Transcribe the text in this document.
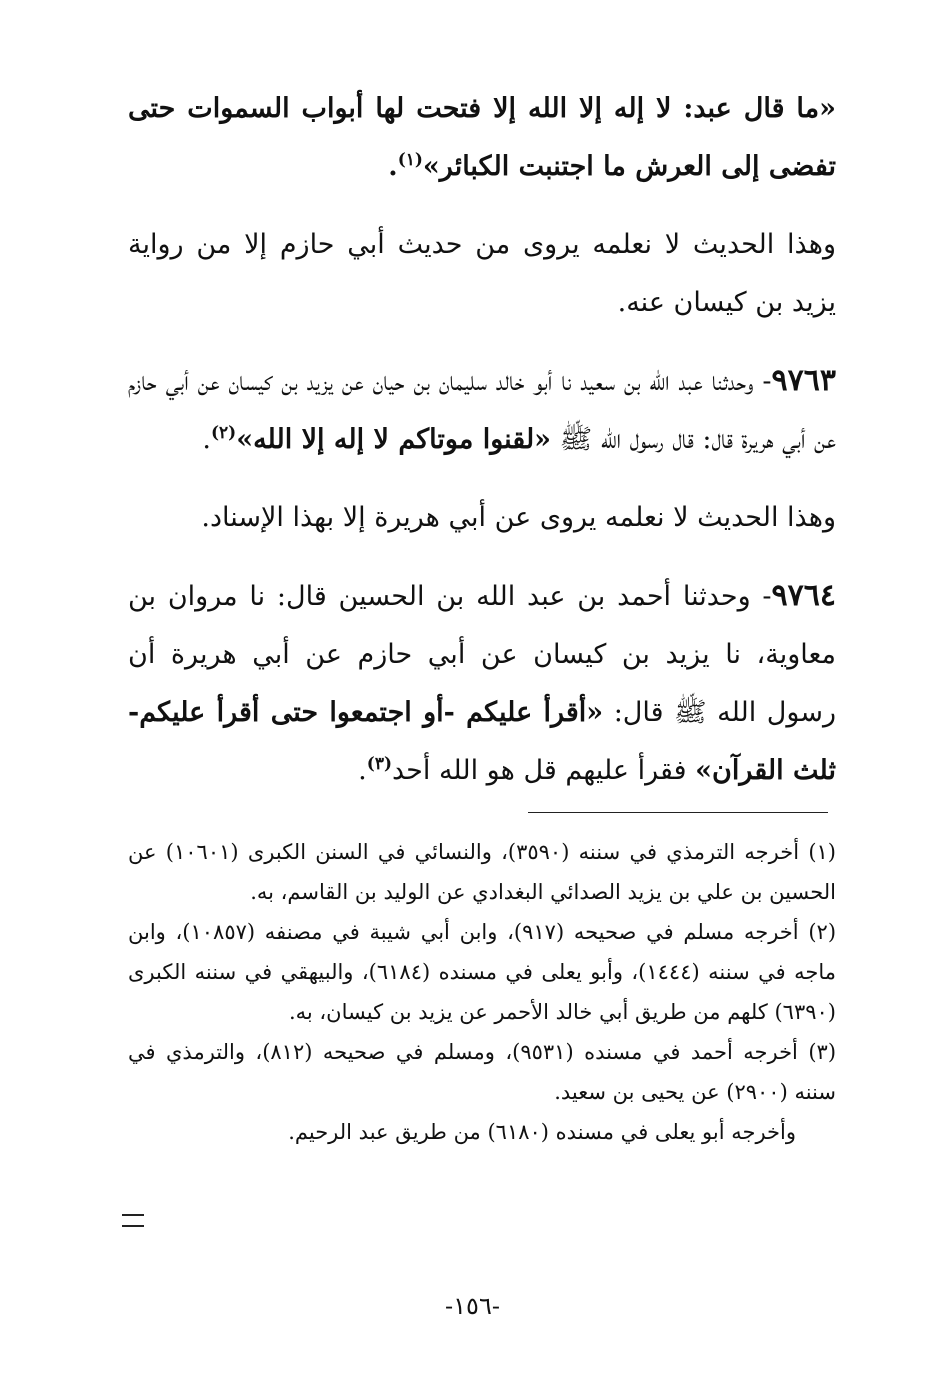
«ما قال عبد: لا إله إلا الله إلا فتحت لها أبواب السموات حتى تفضى إلى العرش ما اجتنبت الكبائر»$^{(١)}$.

وهذا الحديث لا نعلمه يروى من حديث أبي حازم إلا من رواية يزيد بن كيسان عنه.

٩٧٦٣- وحدثنا عبد الله بن سعيد نا أبو خالد سليمان بن حيان عن يزيد بن كيسان عن أبي حازم عن أبي هريرة قال: قال رسول الله ﷺ «لقنوا موتاكم لا إله إلا الله»$^{(٢)}$.

وهذا الحديث لا نعلمه يروى عن أبي هريرة إلا بهذا الإسناد.

٩٧٦٤- وحدثنا أحمد بن عبد الله بن الحسين قال: نا مروان بن معاوية، نا يزيد بن كيسان عن أبي حازم عن أبي هريرة أن رسول الله ﷺ قال: «أقرأ عليكم -أو اجتمعوا حتى أقرأ عليكم- ثلث القرآن» فقرأ عليهم قل هو الله أحد$^{(٣)}$.

(١) أخرجه الترمذي في سننه (٣٥٩٠)، والنسائي في السنن الكبرى (١٠٦٠١) عن الحسين بن علي بن يزيد الصدائي البغدادي عن الوليد بن القاسم، به.

(٢) أخرجه مسلم في صحيحه (٩١٧)، وابن أبي شيبة في مصنفه (١٠٨٥٧)، وابن ماجه في سننه (١٤٤٤)، وأبو يعلى في مسنده (٦١٨٤)، والبيهقي في سننه الكبرى (٦٣٩٠) كلهم من طريق أبي خالد الأحمر عن يزيد بن كيسان، به.

(٣) أخرجه أحمد في مسنده (٩٥٣١)، ومسلم في صحيحه (٨١٢)، والترمذي في سننه (٢٩٠٠) عن يحيى بن سعيد.

وأخرجه أبو يعلى في مسنده (٦١٨٠) من طريق عبد الرحيم.

-١٥٦-
